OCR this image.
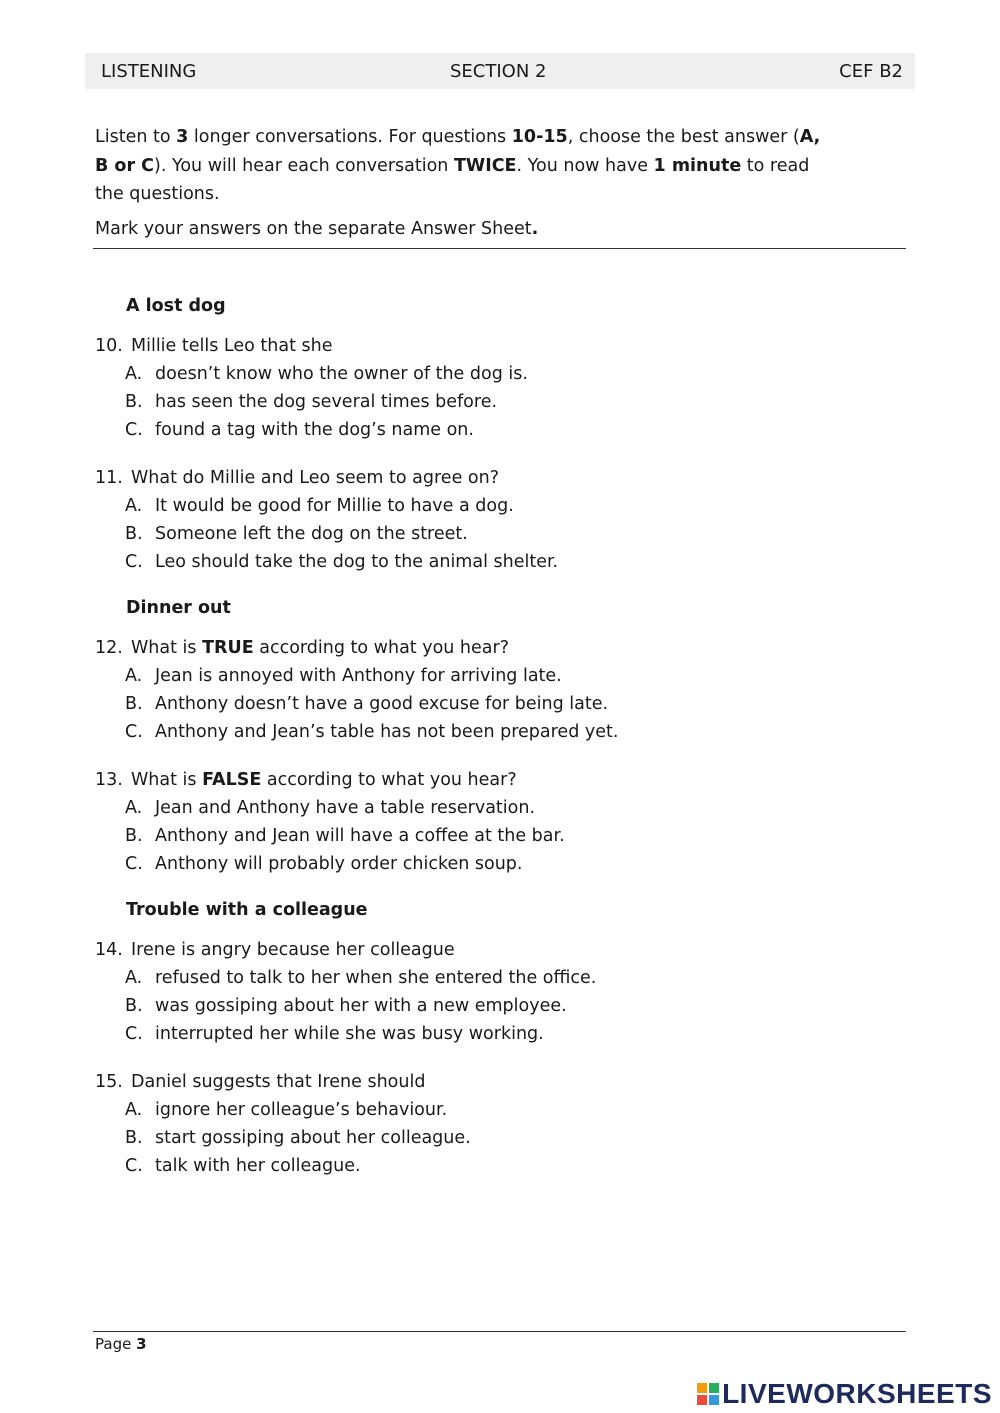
LISTENING	SECTION 2	CEF B2

Listen to 3 longer conversations. For questions 10-15, choose the best answer (A, B or C). You will hear each conversation TWICE. You now have 1 minute to read the questions.

Mark your answers on the separate Answer Sheet.
A lost dog
10. Millie tells Leo that she
A. doesn’t know who the owner of the dog is.
B. has seen the dog several times before.
C. found a tag with the dog’s name on.
11. What do Millie and Leo seem to agree on?
A. It would be good for Millie to have a dog.
B. Someone left the dog on the street.
C. Leo should take the dog to the animal shelter.
Dinner out
12. What is TRUE according to what you hear?
A. Jean is annoyed with Anthony for arriving late.
B. Anthony doesn’t have a good excuse for being late.
C. Anthony and Jean’s table has not been prepared yet.
13. What is FALSE according to what you hear?
A. Jean and Anthony have a table reservation.
B. Anthony and Jean will have a coffee at the bar.
C. Anthony will probably order chicken soup.
Trouble with a colleague
14. Irene is angry because her colleague
A. refused to talk to her when she entered the office.
B. was gossiping about her with a new employee.
C. interrupted her while she was busy working.
15. Daniel suggests that Irene should
A. ignore her colleague’s behaviour.
B. start gossiping about her colleague.
C. talk with her colleague.
Page 3
LIVEWORKSHEETS
